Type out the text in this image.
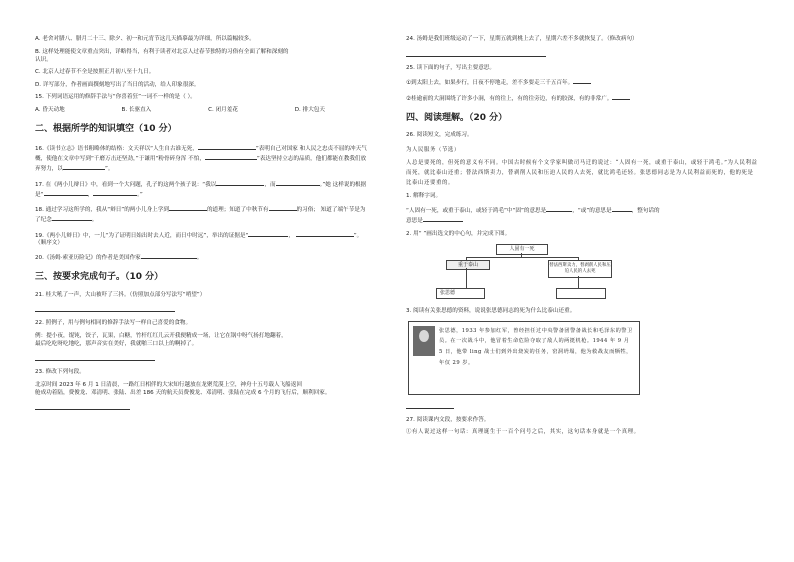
A. 老舍对腊八、腊月二十三、除夕、初一和元宵节这几天描摹最为详细，所以篇幅较多。

B. 这样处理能使文章重点突出，详略得当，有利于读者对北京人过春节独特的习俗有全面了解和深刻的

认识。

C. 北京人过春节不全是按照正月初八至十九日。

D. 详写部分，作者画面撰刻地写出了当日的活动，给人印象很深。

15. 下列词语运用的修辞手法与“你喜着狂”一词不一样的是（ ）。

A. 昏天动地	B. 长驱直入	C. 闭月羞花	D. 排大包天
二、根据所学的知识填空（10 分）

16.《读书立志》语书粗略体的结格：文天祥以“人生自古谁无死，	”表明自己对国家 和人民之忠贞不屈的冲天气概，使他在文章中写到“千磨万击还坚劲，”于谦用“粉骨碎身浑 不怕，	”表达坚持立志的品质，他们都能在教我们放弃努力，以	”。

17. 在《两小儿辩日》中，看到一个大问题，孔子的这两个孩子说：“我以	，而	。”她 这样说的根据是“	，	。”

18. 通过学习这所学的，我从“辩日”的两小儿身上学到	的道理；知道了中秋节有	的习俗； 知道了端午节是为了纪念	。

19.《两小儿辩日》中，一儿“为了证明日始出时去人近，而日中时远”，举出的证据是“	，	”。（顺序文）

20.《汤姆·索亚历险记》的作者是美国作家	。

三、按要求完成句子。（10 分）

21. 桂大吼了一声，大山被吓了三抖。（仿照加点部分写法写“哨望”）

22. 照例子，用与例句相同的修辞手法写一样自己喜爱的食物。

例：提小夜，馄饨，饺子，瓦果，白糖，竹杆红红儿云开我便精成一场，让它在锅中呀气扬打地翻着，

最后吃吃呀吃地吃，那声音实在美好，我就啪三口以上的啊掉了。

23. 修改下列句段。

北京时间 2023 年 6 月 1 日清晨，一路红日相伴的大宋知行越放在龙聚荒漠上空，神舟十五号载人飞船返回

舱成功着陆，费俊龙、邓清明、张陆、出差 186 天的航天员费俊龙、邓清明、张陆在完成 6 个月的飞行后，顺利回家。

24. 汤姆是我们班级运动了一下，星期五就到桃上去了，星期六差不多就恢复了。（修改病句）

25. 读下面的句子，写出主要意思。

①到太阳上去，如果步行，日夜不停地走，差不多要走三千五百年。

②桂逾前的大洞围绕了许多小洞，有的往上，有的往旁边，有的胶深，有的非常广。

四、阅读理解。（20 分）

26. 阅读短文，完成练习。

为人民服务（节选）
人总是要死的，但死的意义有不同。中国古时候有个文学家叫做司马迁的说过：“人固有一死，或重于泰山，或轻于鸿毛。”为人民利益而死，就比泰山还重；替法西斯卖力，替剥削人民和压迫人民的人去死，就比鸿毛还轻。张思德同志是为人民利益而死的，他的死是比泰山还要重的。

1. 解释字词。

“人固有一死，或重于泰山，或轻于鸿毛”中“固”的意思是	，“或”的意思是	，整句话的
意思是

2. 用“ ”画出选文的中心句，并完成下图。

人固有一死
重于泰山	替法西斯卖力，替剥削人民和压迫人民的人去死
张思德

3. 阅读有关张思德的资料，说说张思德同志的死为什么比泰山还重。

张思德，1933 年参加红军，曾经担任过中央警备团警备战长和毛泽东的警卫员。在一次战斗中，他冒着生命危险夺取了敌人的两挺机枪。1944 年 9 月 5 日，他带 ling 战士们到外出烧炭的任务，窑洞坍塌，他为救战友而牺牲，年仅 29 岁。

27. 阅读课内文段，按要求作答。

①有人说过这样一句话：真理诞生于一百个问号之后，其实，这句话本身就是一个真理。
